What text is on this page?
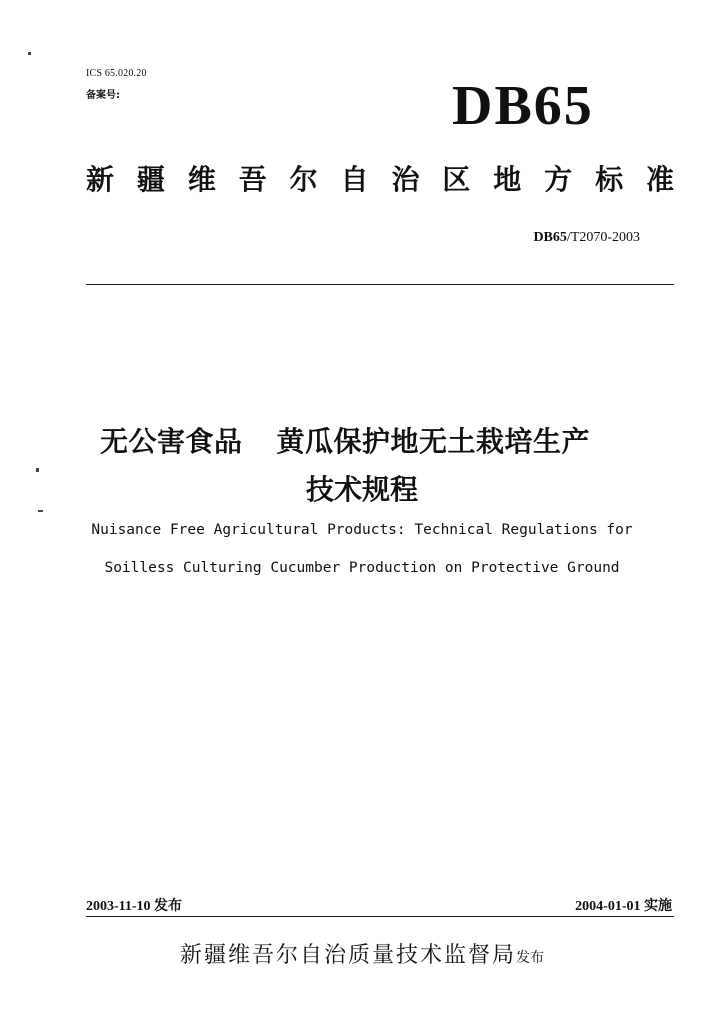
ICS 65.020.20
备案号:	DB65
新 疆 维 吾 尔 自 治 区 地 方 标 准
DB65/T2070-2003
无公害食品 黄瓜保护地无土栽培生产
技术规程
Nuisance Free Agricultural Products: Technical Regulations for
Soilless Culturing Cucumber Production on Protective Ground
2003-11-10 发布	2004-01-01 实施
新疆维吾尔自治质量技术监督局发布
